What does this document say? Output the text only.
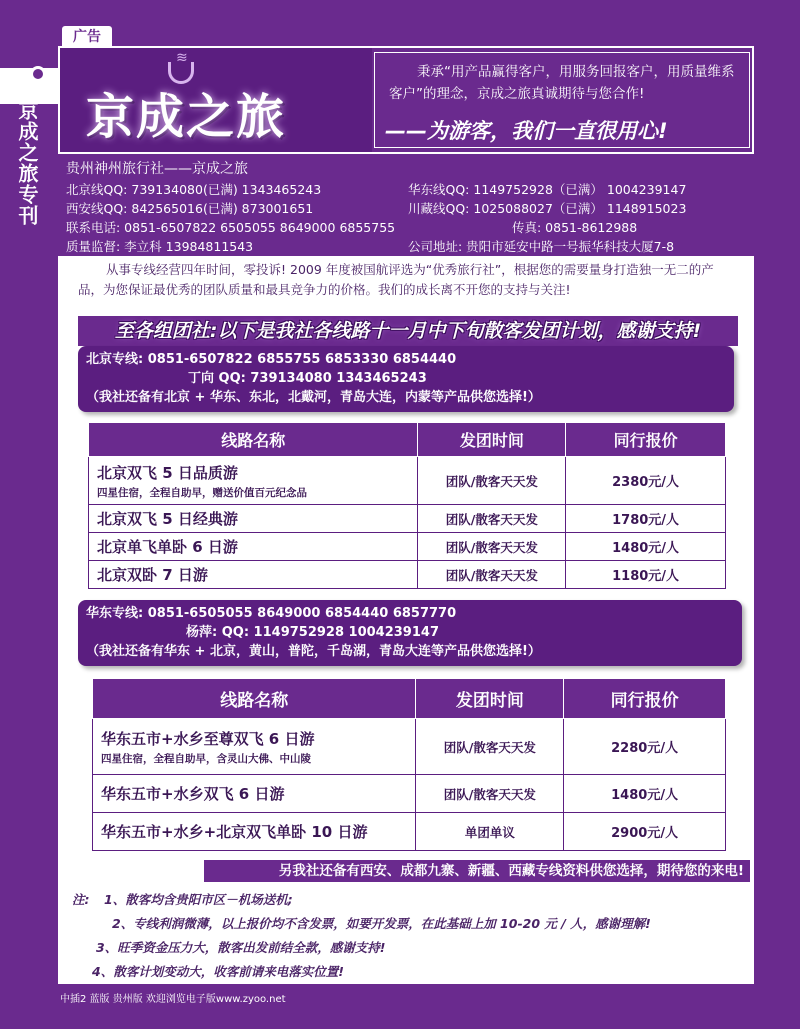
广告
京成之旅专刊
≋
京成之旅
秉承“用产品赢得客户，用服务回报客户，用质量维系客户”的理念，京成之旅真诚期待与您合作!
——为游客，我们一直很用心!
贵州神州旅行社——京成之旅
北京线QQ: 739134080(已满) 1343465243
西安线QQ: 842565016(已满) 873001651
联系电话: 0851-6507822 6505055 8649000 6855755
质量监督: 李立科 13984811543
华东线QQ: 1149752928（已满） 1004239147
川藏线QQ: 1025088027（已满） 1148915023
传真: 0851-8612988
公司地址: 贵阳市延安中路一号振华科技大厦7-8
从事专线经营四年时间，零投诉! 2009 年度被国航评选为“优秀旅行社”，根据您的需要量身打造独一无二的产品，为您保证最优秀的团队质量和最具竞争力的价格。我们的成长离不开您的支持与关注!
至各组团社:以下是我社各线路十一月中下旬散客发团计划，感谢支持!
北京专线: 0851-6507822 6855755 6853330 6854440
丁向 QQ: 739134080 1343465243
（我社还备有北京 + 华东、东北，北戴河，青岛大连，内蒙等产品供您选择!）
线路名称	发团时间	同行报价
北京双飞 5 日品质游
四星住宿，全程自助早，赠送价值百元纪念品	团队/散客天天发	2380元/人
北京双飞 5 日经典游	团队/散客天天发	1780元/人
北京单飞单卧 6 日游	团队/散客天天发	1480元/人
北京双卧 7 日游	团队/散客天天发	1180元/人
华东专线: 0851-6505055 8649000 6854440 6857770
杨萍: QQ: 1149752928 1004239147
（我社还备有华东 + 北京，黄山，普陀，千岛湖，青岛大连等产品供您选择!）
线路名称	发团时间	同行报价
华东五市+水乡至尊双飞 6 日游
四星住宿，全程自助早，含灵山大佛、中山陵	团队/散客天天发	2280元/人
华东五市+水乡双飞 6 日游	团队/散客天天发	1480元/人
华东五市+水乡+北京双飞单卧 10 日游	单团单议	2900元/人
另我社还备有西安、成都九寨、新疆、西藏专线资料供您选择，期待您的来电!
注: 1、散客均含贵阳市区－机场送机;
2、专线利润微薄，以上报价均不含发票，如要开发票，在此基础上加 10-20 元 / 人，感谢理解!
3、旺季资金压力大，散客出发前结全款，感谢支持!
4、散客计划变动大，收客前请来电落实位置!
中插2 蓝版 贵州版 欢迎浏览电子版www.zyoo.net
